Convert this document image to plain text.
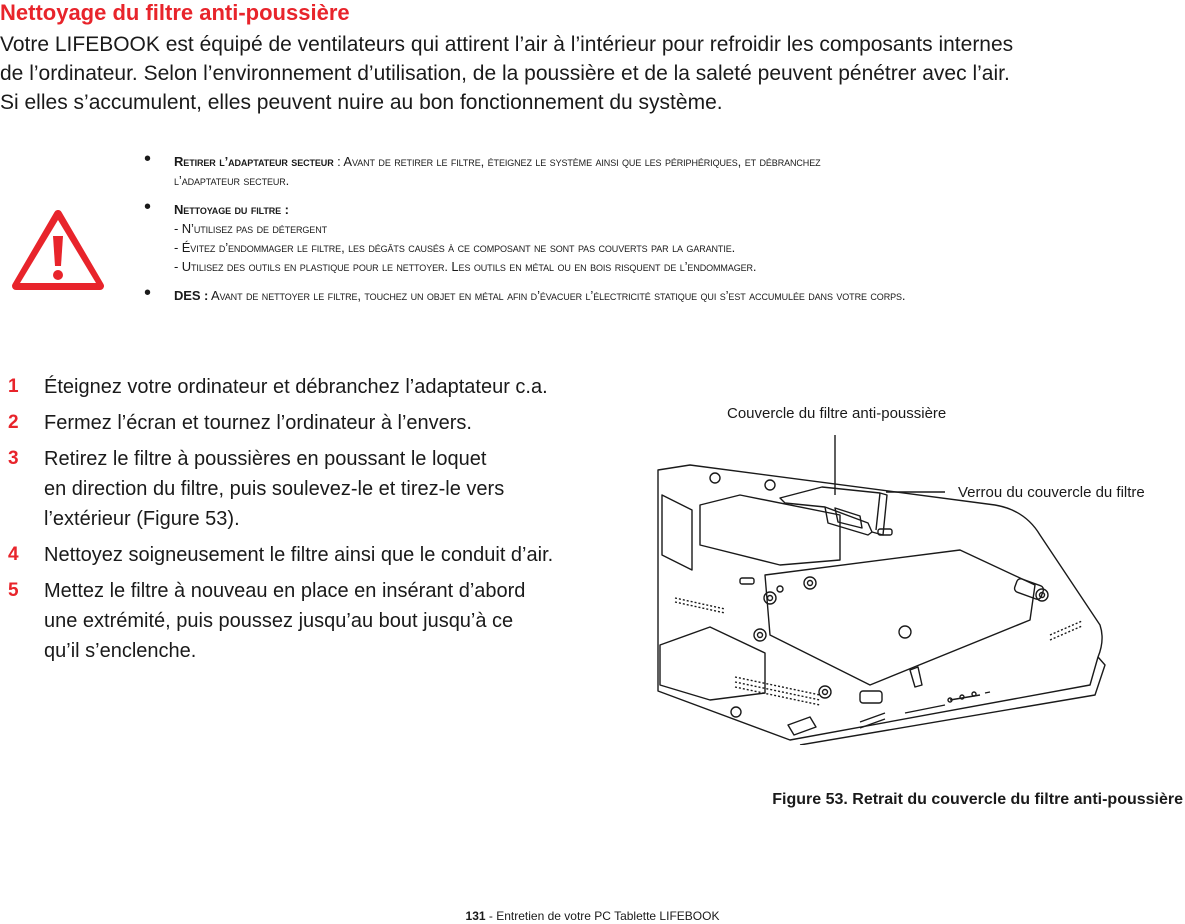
Nettoyage du filtre anti-poussière

Votre LIFEBOOK est équipé de ventilateurs qui attirent l’air à l’intérieur pour refroidir les composants internes
de l’ordinateur. Selon l’environnement d’utilisation, de la poussière et de la saleté peuvent pénétrer avec l’air.
Si elles s’accumulent, elles peuvent nuire au bon fonctionnement du système.

• Retirer l’adaptateur secteur : Avant de retirer le filtre, éteignez le système ainsi que les périphériques, et débranchez
l’adaptateur secteur.
• Nettoyage du filtre :
- N’utilisez pas de détergent
- Évitez d’endommager le filtre, les dégâts causés à ce composant ne sont pas couverts par la garantie.
- Utilisez des outils en plastique pour le nettoyer. Les outils en métal ou en bois risquent de l’endommager.
• DES : Avant de nettoyer le filtre, touchez un objet en métal afin d’évacuer l’électricité statique qui s’est accumulée dans votre corps.
1 Éteignez votre ordinateur et débranchez l’adaptateur c.a.
2 Fermez l’écran et tournez l’ordinateur à l’envers.
3 Retirez le filtre à poussières en poussant le loquet
en direction du filtre, puis soulevez-le et tirez-le vers
l’extérieur (Figure 53).
4 Nettoyez soigneusement le filtre ainsi que le conduit d’air.
5 Mettez le filtre à nouveau en place en insérant d’abord
une extrémité, puis poussez jusqu’au bout jusqu’à ce
qu’il s’enclenche.
Couvercle du filtre anti-poussière
Verrou du couvercle du filtre
Figure 53. Retrait du couvercle du filtre anti-poussière
131 - Entretien de votre PC Tablette LIFEBOOK
